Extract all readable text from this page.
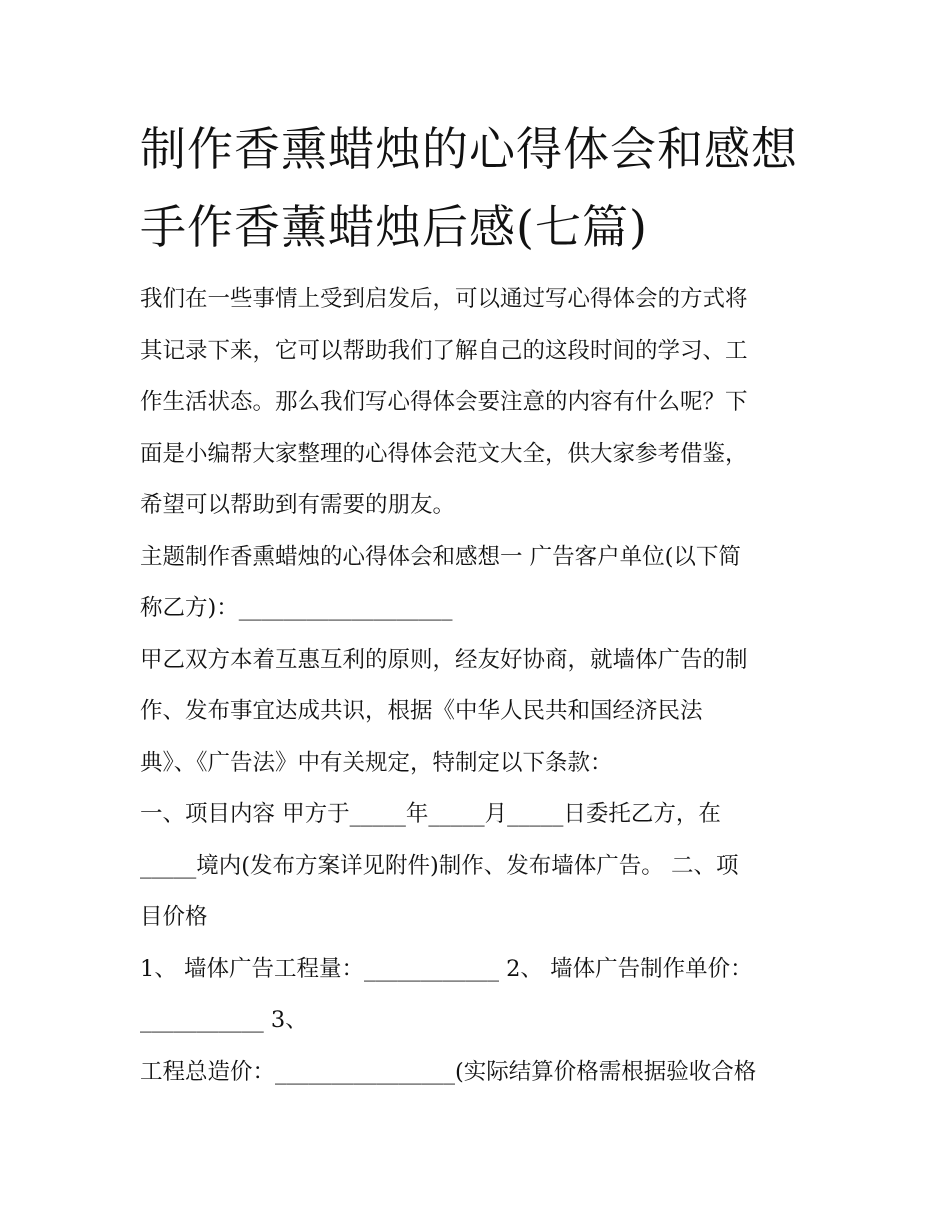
制作香熏蜡烛的心得体会和感想 手作香薰蜡烛后感(七篇)
我们在一些事情上受到启发后，可以通过写心得体会的方式将
其记录下来，它可以帮助我们了解自己的这段时间的学习、工
作生活状态。那么我们写心得体会要注意的内容有什么呢？下
面是小编帮大家整理的心得体会范文大全，供大家参考借鉴，
希望可以帮助到有需要的朋友。
主题制作香熏蜡烛的心得体会和感想一 广告客户单位(以下简
称乙方)：___________________
甲乙双方本着互惠互利的原则，经友好协商，就墙体广告的制
作、发布事宜达成共识，根据《中华人民共和国经济民法
典》、《广告法》中有关规定，特制定以下条款：
一、项目内容 甲方于_____年_____月_____日委托乙方，在
_____境内(发布方案详见附件)制作、发布墙体广告。 二、项
目价格
1、 墙体广告工程量：____________ 2、 墙体广告制作单价：
___________ 3、
工程总造价：________________(实际结算价格需根据验收合格
